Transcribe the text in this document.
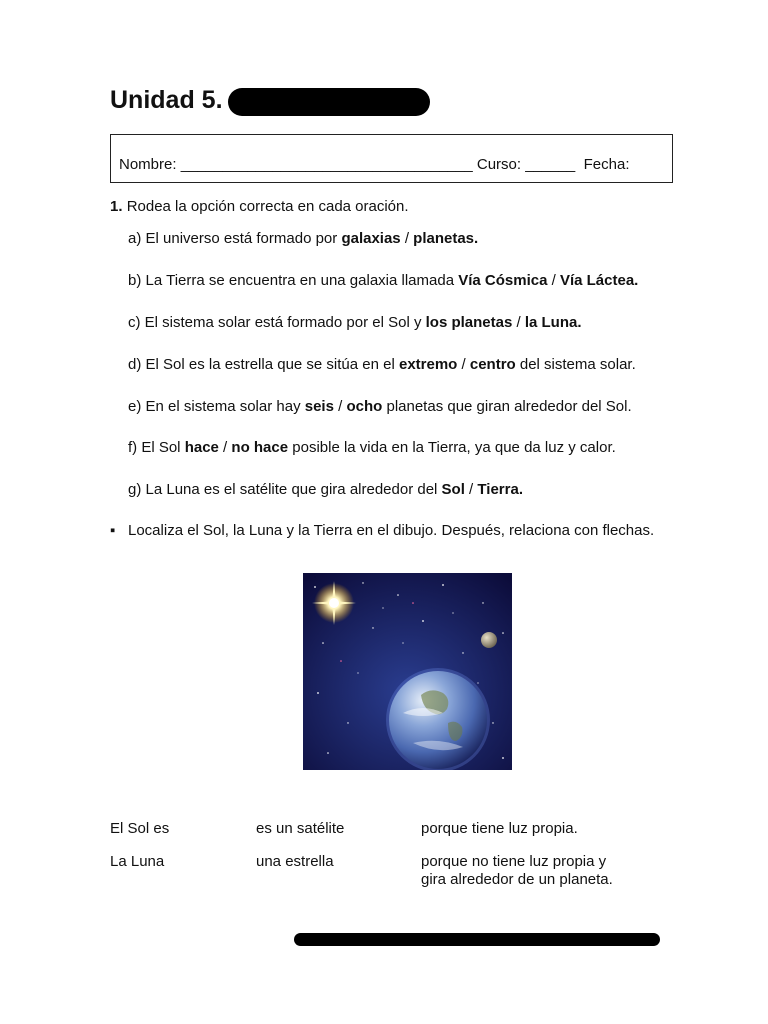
Unidad 5.
Nombre: ___________________________________ Curso: ______ Fecha:
1. Rodea la opción correcta en cada oración.
a) El universo está formado por galaxias / planetas.
b) La Tierra se encuentra en una galaxia llamada Vía Cósmica / Vía Láctea.
c) El sistema solar está formado por el Sol y los planetas / la Luna.
d) El Sol es la estrella que se sitúa en el extremo / centro del sistema solar.
e) En el sistema solar hay seis / ocho planetas que giran alrededor del Sol.
f) El Sol hace / no hace posible la vida en la Tierra, ya que da luz y calor.
g) La Luna es el satélite que gira alrededor del Sol / Tierra.
▪ Localiza el Sol, la Luna y la Tierra en el dibujo. Después, relaciona con flechas.
El Sol es	es un satélite	porque tiene luz propia.
La Luna	una estrella	porque no tiene luz propia y
gira alrededor de un planeta.
